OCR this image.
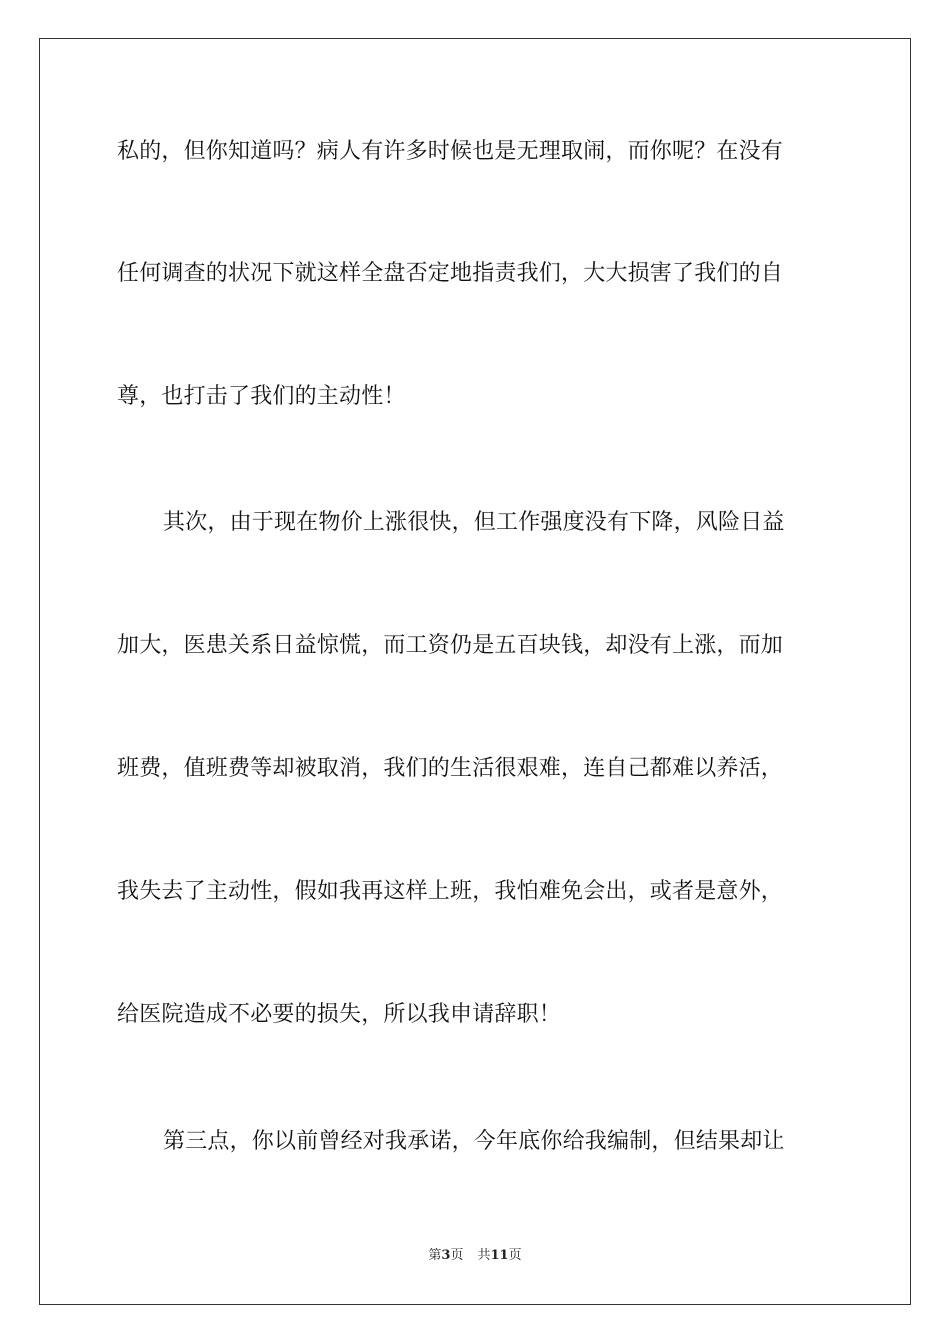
私的，但你知道吗？病人有许多时候也是无理取闹，而你呢？在没有
任何调查的状况下就这样全盘否定地指责我们，大大损害了我们的自
尊，也打击了我们的主动性！
其次，由于现在物价上涨很快，但工作强度没有下降，风险日益
加大，医患关系日益惊慌，而工资仍是五百块钱，却没有上涨，而加
班费，值班费等却被取消，我们的生活很艰难，连自己都难以养活，
我失去了主动性，假如我再这样上班，我怕难免会出，或者是意外，
给医院造成不必要的损失，所以我申请辞职！
第三点，你以前曾经对我承诺，今年底你给我编制，但结果却让
第3页 共11页
